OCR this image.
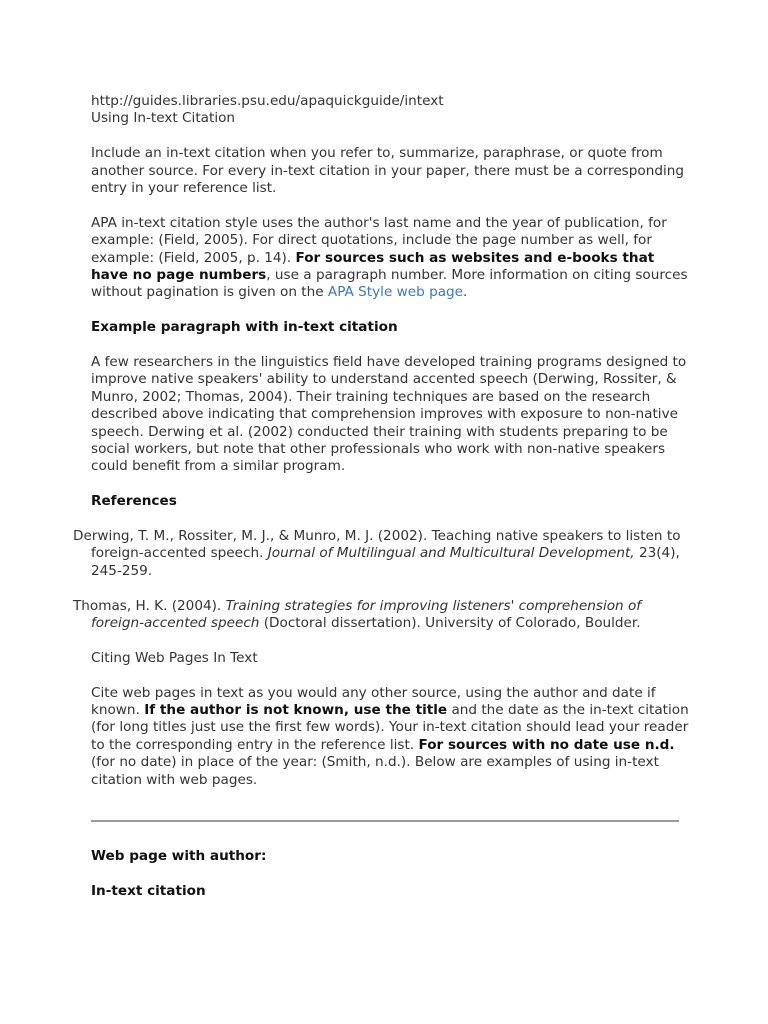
http://guides.libraries.psu.edu/apaquickguide/intext

Using In-text Citation

Include an in-text citation when you refer to, summarize, paraphrase, or quote from another source. For every in-text citation in your paper, there must be a corresponding entry in your reference list.

APA in-text citation style uses the author's last name and the year of publication, for example: (Field, 2005). For direct quotations, include the page number as well, for example: (Field, 2005, p. 14). For sources such as websites and e-books that have no page numbers, use a paragraph number. More information on citing sources without pagination is given on the APA Style web page.

Example paragraph with in-text citation

A few researchers in the linguistics field have developed training programs designed to improve native speakers' ability to understand accented speech (Derwing, Rossiter, & Munro, 2002; Thomas, 2004). Their training techniques are based on the research described above indicating that comprehension improves with exposure to non-native speech. Derwing et al. (2002) conducted their training with students preparing to be social workers, but note that other professionals who work with non-native speakers could benefit from a similar program.

References

Derwing, T. M., Rossiter, M. J., & Munro, M. J. (2002). Teaching native speakers to listen to foreign-accented speech. Journal of Multilingual and Multicultural Development, 23(4), 245-259.

Thomas, H. K. (2004). Training strategies for improving listeners' comprehension of foreign-accented speech (Doctoral dissertation). University of Colorado, Boulder.

Citing Web Pages In Text

Cite web pages in text as you would any other source, using the author and date if known. If the author is not known, use the title and the date as the in-text citation (for long titles just use the first few words). Your in-text citation should lead your reader to the corresponding entry in the reference list. For sources with no date use n.d. (for no date) in place of the year: (Smith, n.d.). Below are examples of using in-text citation with web pages.

Web page with author:

In-text citation
